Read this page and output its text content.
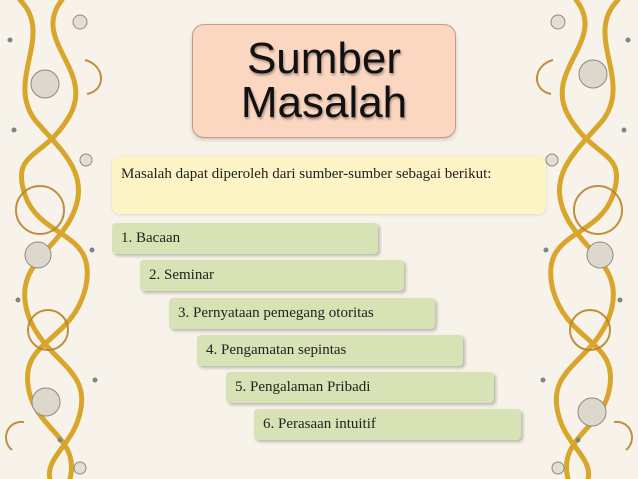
Sumber
Masalah
Masalah dapat diperoleh dari sumber-sumber sebagai berikut:
1. Bacaan
2. Seminar
3. Pernyataan pemegang otoritas
4. Pengamatan sepintas
5. Pengalaman Pribadi
6. Perasaan intuitif
